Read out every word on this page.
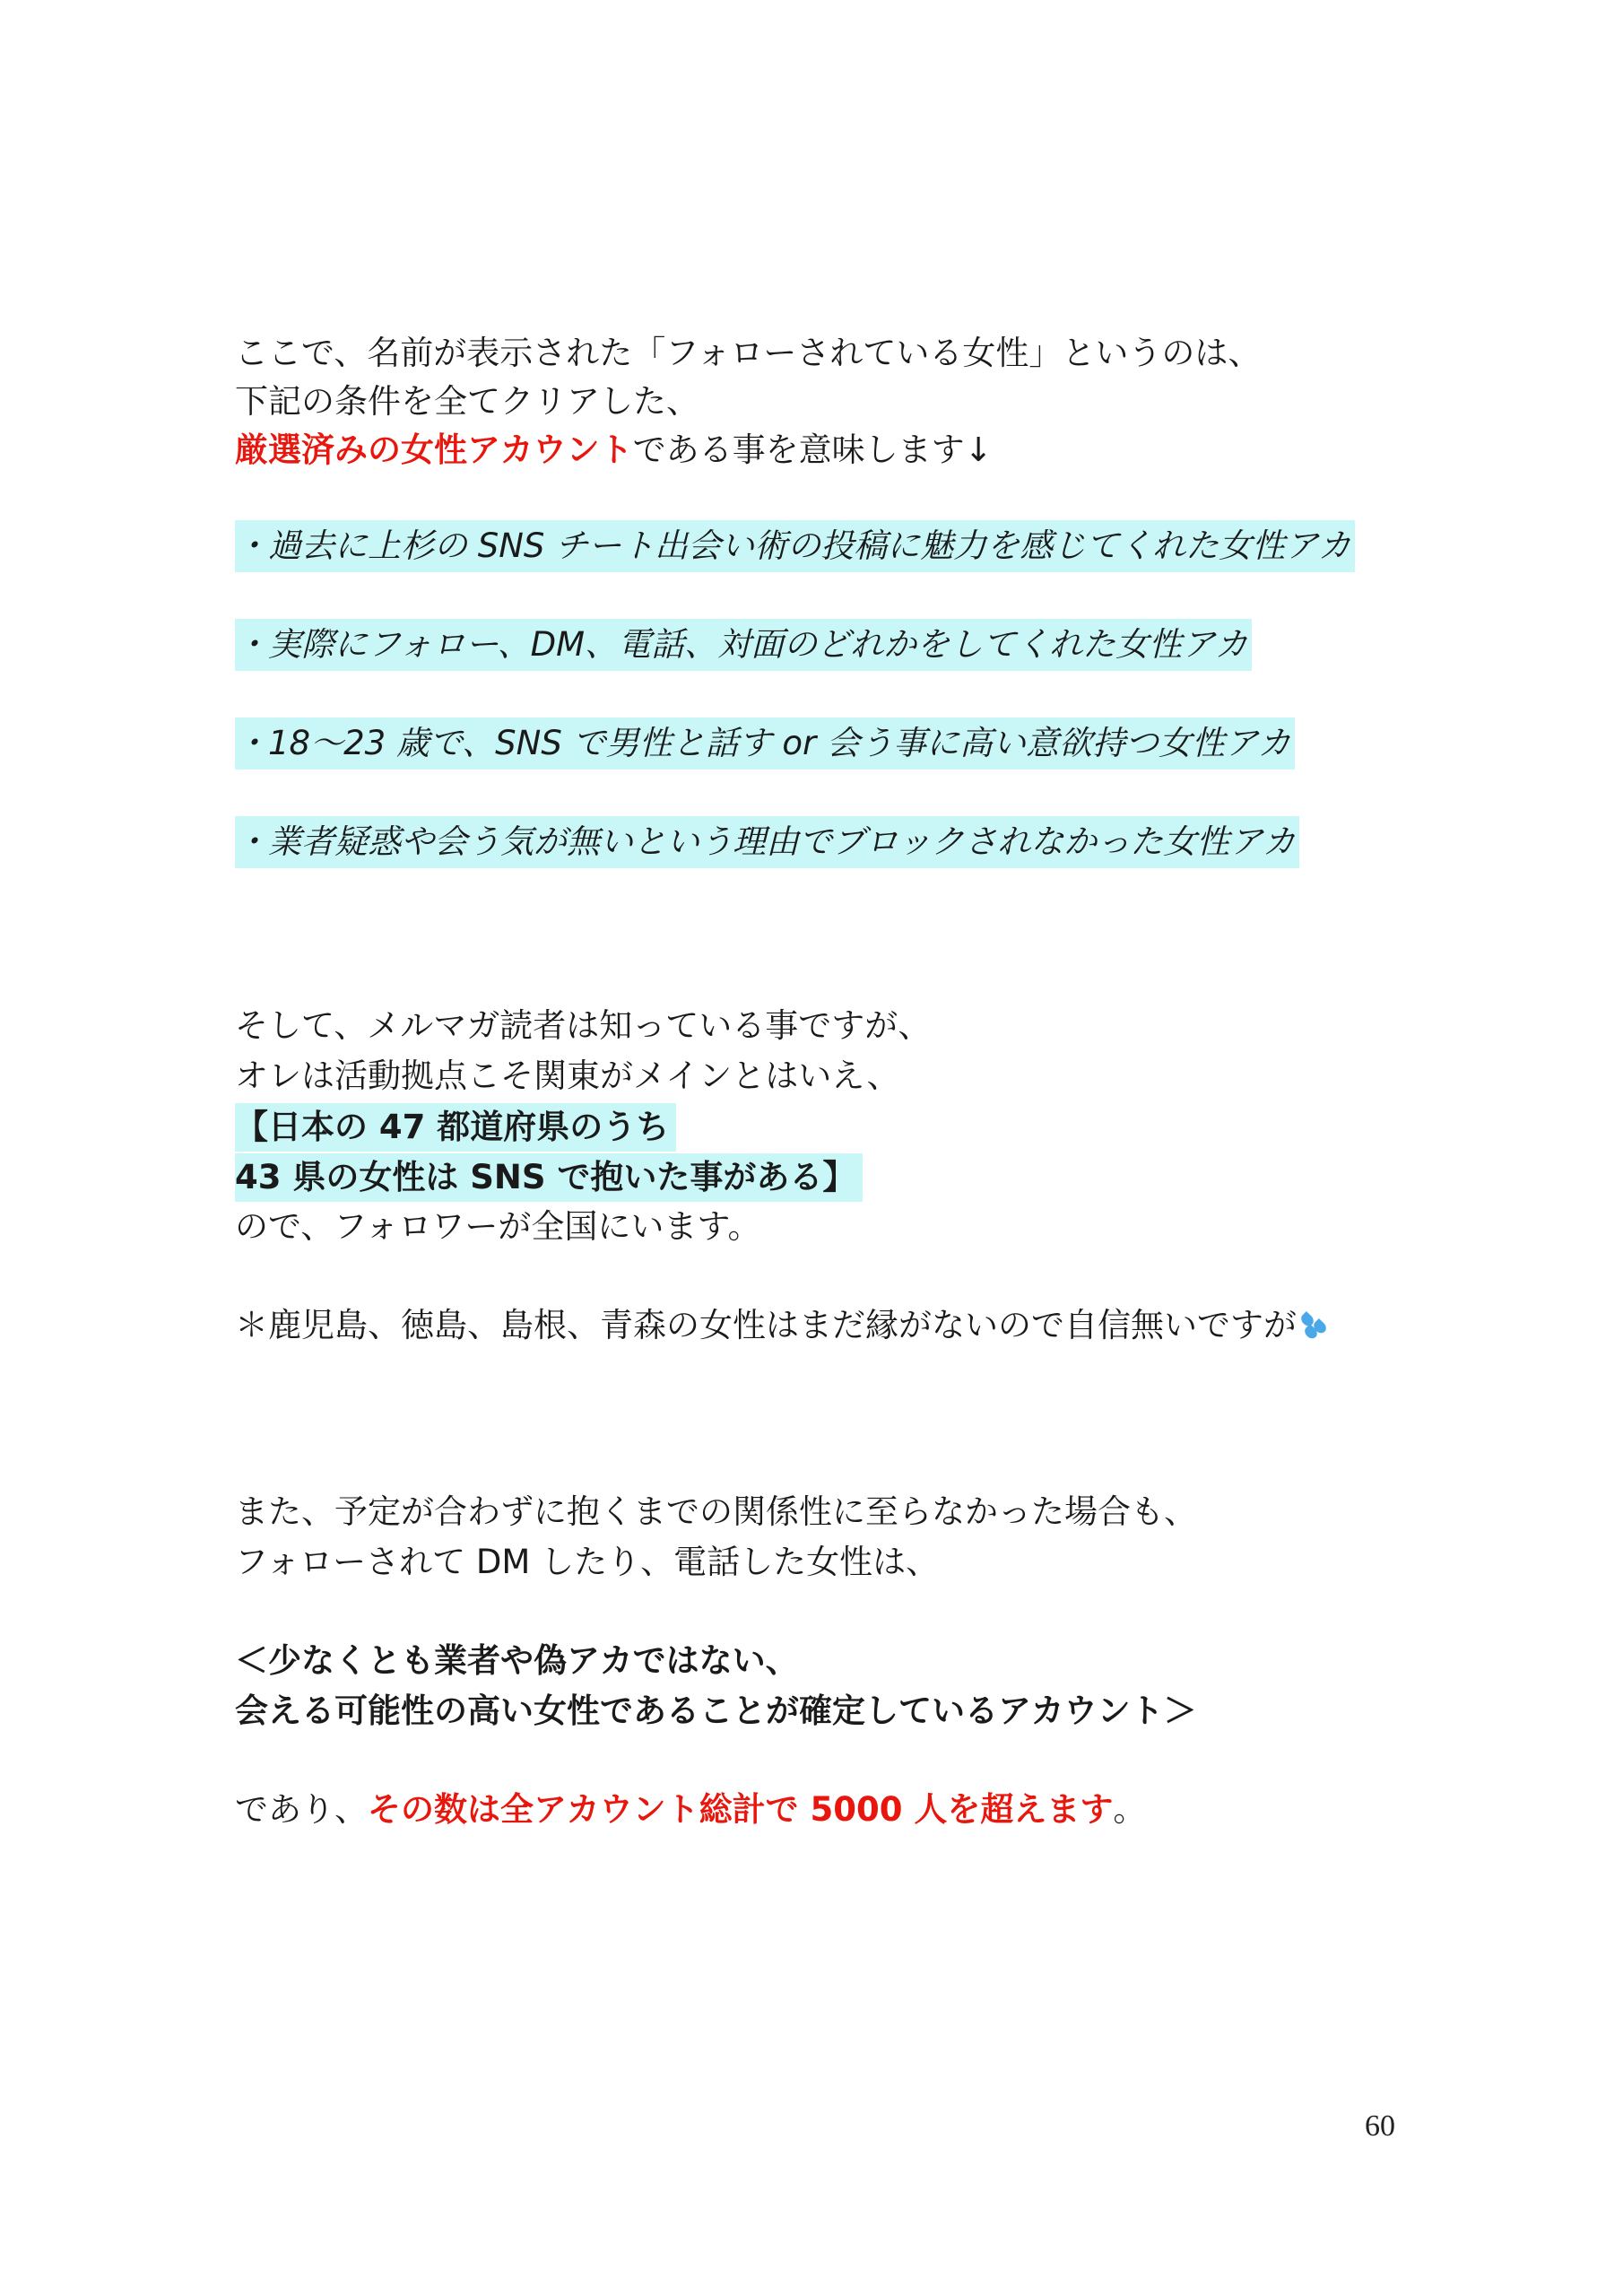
ここで、名前が表示された「フォローされている女性」というのは、
下記の条件を全てクリアした、
厳選済みの女性アカウントである事を意味します↓
・過去に上杉の SNS チート出会い術の投稿に魅力を感じてくれた女性アカ
・実際にフォロー、DM、電話、対面のどれかをしてくれた女性アカ
・18〜23 歳で、SNS で男性と話す or 会う事に高い意欲持つ女性アカ
・業者疑惑や会う気が無いという理由でブロックされなかった女性アカ
そして、メルマガ読者は知っている事ですが、
オレは活動拠点こそ関東がメインとはいえ、
【日本の 47 都道府県のうち
43 県の女性は SNS で抱いた事がある】
ので、フォロワーが全国にいます。
＊鹿児島、徳島、島根、青森の女性はまだ縁がないので自信無いですが
また、予定が合わずに抱くまでの関係性に至らなかった場合も、
フォローされて DM したり、電話した女性は、
＜少なくとも業者や偽アカではない、
会える可能性の高い女性であることが確定しているアカウント＞
であり、その数は全アカウント総計で 5000 人を超えます。
60
